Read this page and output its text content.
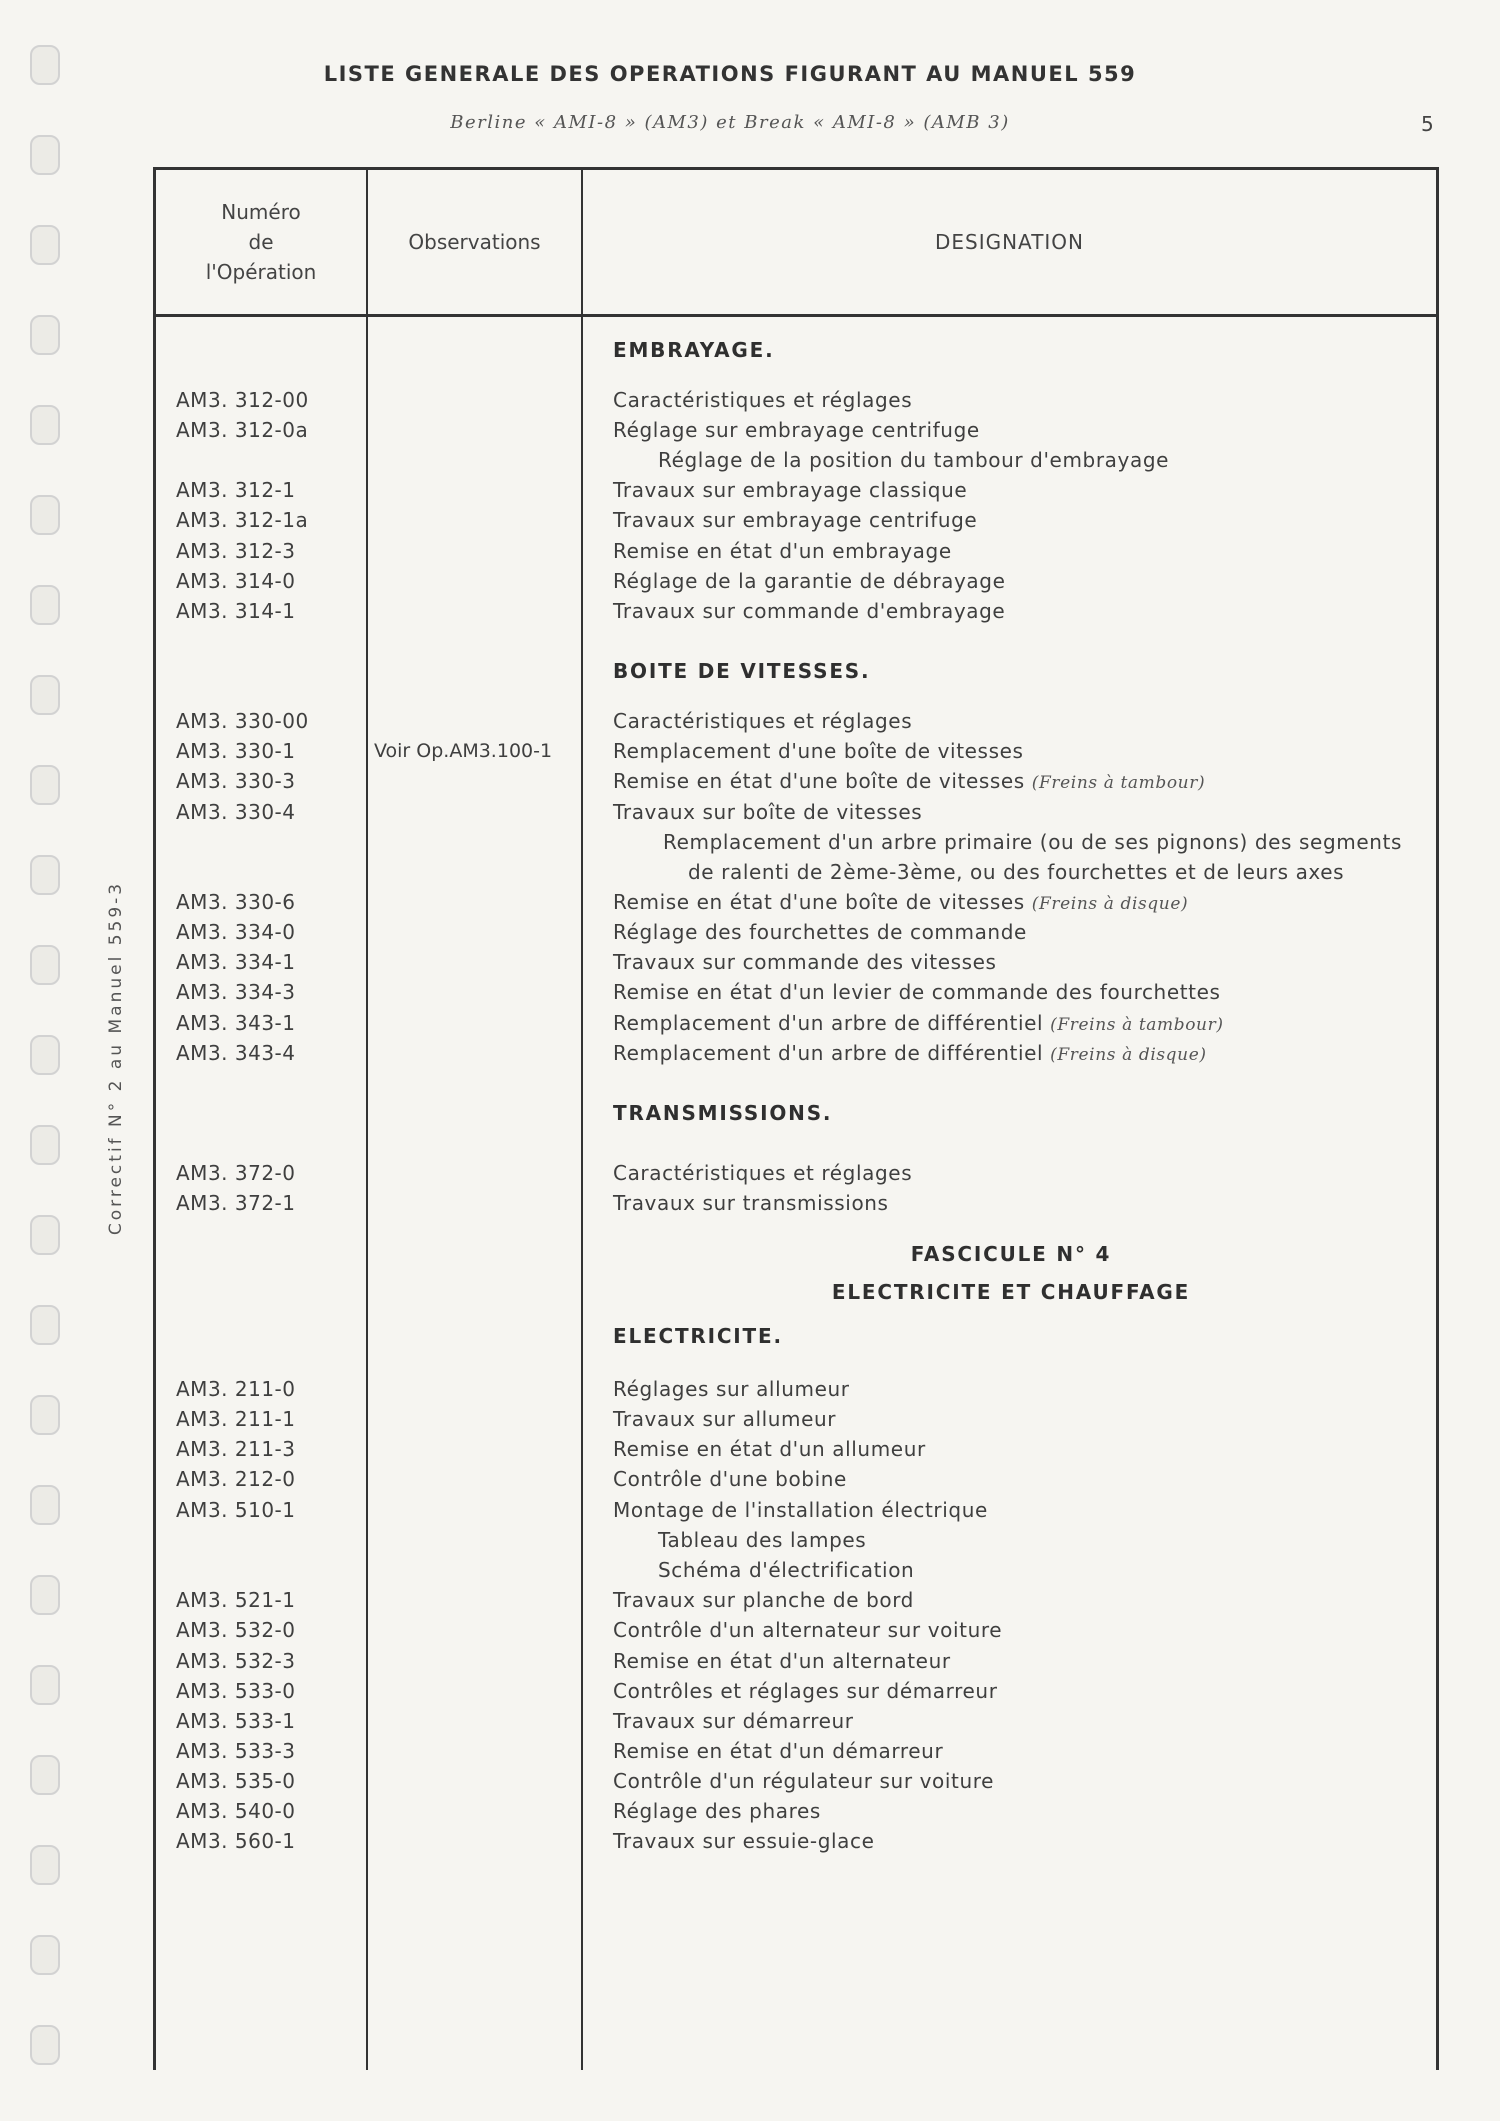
LISTE GENERALE DES OPERATIONS FIGURANT AU MANUEL 559
Berline « AMI-8 » (AM3) et Break « AMI-8 » (AMB 3)	5
Correctif N° 2 au Manuel 559-3
Numéro
de
l'Opération
Observations	DESIGNATION
EMBRAYAGE.
AM3. 312-00	Caractéristiques et réglages
AM3. 312-0a	Réglage sur embrayage centrifuge
Réglage de la position du tambour d'embrayage
AM3. 312-1	Travaux sur embrayage classique
AM3. 312-1a	Travaux sur embrayage centrifuge
AM3. 312-3	Remise en état d'un embrayage
AM3. 314-0	Réglage de la garantie de débrayage
AM3. 314-1	Travaux sur commande d'embrayage
BOITE DE VITESSES.
AM3. 330-00	Caractéristiques et réglages
AM3. 330-1	Voir Op.AM3.100-1	Remplacement d'une boîte de vitesses
AM3. 330-3	Remise en état d'une boîte de vitesses (Freins à tambour)
AM3. 330-4	Travaux sur boîte de vitesses
Remplacement d'un arbre primaire (ou de ses pignons) des segments
de ralenti de 2ème-3ème, ou des fourchettes et de leurs axes
AM3. 330-6	Remise en état d'une boîte de vitesses (Freins à disque)
AM3. 334-0	Réglage des fourchettes de commande
AM3. 334-1	Travaux sur commande des vitesses
AM3. 334-3	Remise en état d'un levier de commande des fourchettes
AM3. 343-1	Remplacement d'un arbre de différentiel (Freins à tambour)
AM3. 343-4	Remplacement d'un arbre de différentiel (Freins à disque)
TRANSMISSIONS.
AM3. 372-0	Caractéristiques et réglages
AM3. 372-1	Travaux sur transmissions
FASCICULE N° 4
ELECTRICITE ET CHAUFFAGE
ELECTRICITE.
AM3. 211-0	Réglages sur allumeur
AM3. 211-1	Travaux sur allumeur
AM3. 211-3	Remise en état d'un allumeur
AM3. 212-0	Contrôle d'une bobine
AM3. 510-1	Montage de l'installation électrique
Tableau des lampes
Schéma d'électrification
AM3. 521-1	Travaux sur planche de bord
AM3. 532-0	Contrôle d'un alternateur sur voiture
AM3. 532-3	Remise en état d'un alternateur
AM3. 533-0	Contrôles et réglages sur démarreur
AM3. 533-1	Travaux sur démarreur
AM3. 533-3	Remise en état d'un démarreur
AM3. 535-0	Contrôle d'un régulateur sur voiture
AM3. 540-0	Réglage des phares
AM3. 560-1	Travaux sur essuie-glace
